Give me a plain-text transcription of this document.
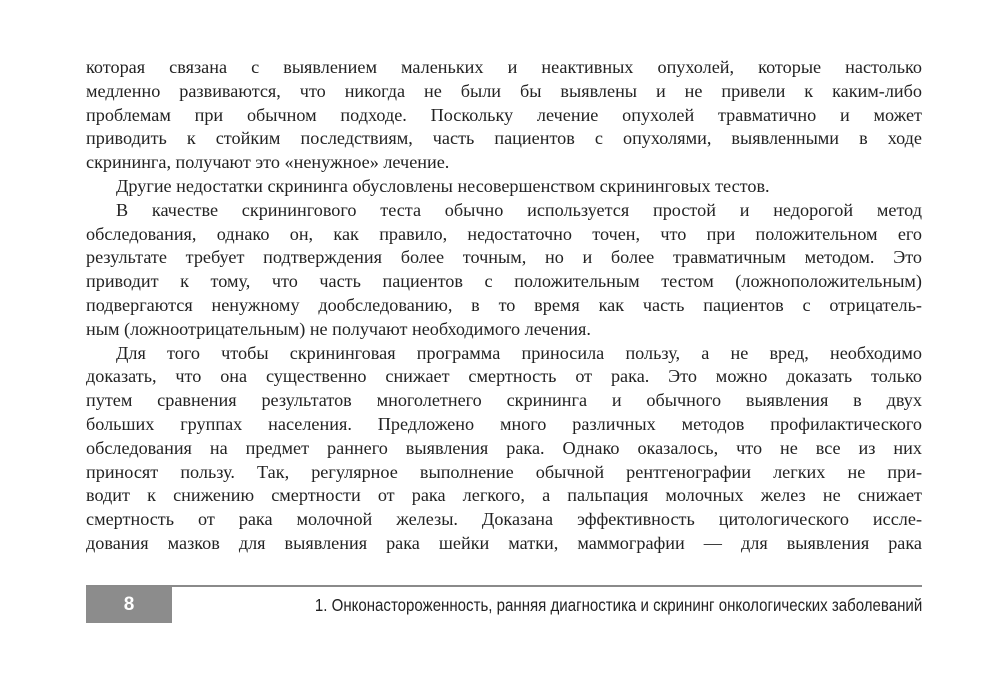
которая связана с выявлением маленьких и неактивных опухолей, которые настолько
медленно развиваются, что никогда не были бы выявлены и не привели к каким-либо
проблемам при обычном подходе. Поскольку лечение опухолей травматично и может
приводить к стойким последствиям, часть пациентов с опухолями, выявленными в ходе
скрининга, получают это «ненужное» лечение.
Другие недостатки скрининга обусловлены несовершенством скрининговых тестов.
В качестве скринингового теста обычно используется простой и недорогой метод
обследования, однако он, как правило, недостаточно точен, что при положительном его
результате требует подтверждения более точным, но и более травматичным методом. Это
приводит к тому, что часть пациентов с положительным тестом (ложноположительным)
подвергаются ненужному дообследованию, в то время как часть пациентов с отрицатель-
ным (ложноотрицательным) не получают необходимого лечения.
Для того чтобы скрининговая программа приносила пользу, а не вред, необходимо
доказать, что она существенно снижает смертность от рака. Это можно доказать только
путем сравнения результатов многолетнего скрининга и обычного выявления в двух
больших группах населения. Предложено много различных методов профилактического
обследования на предмет раннего выявления рака. Однако оказалось, что не все из них
приносят пользу. Так, регулярное выполнение обычной рентгенографии легких не при-
водит к снижению смертности от рака легкого, а пальпация молочных желез не снижает
смертность от рака молочной железы. Доказана эффективность цитологического иссле-
дования мазков для выявления рака шейки матки, маммографии — для выявления рака
8	1. Онконастороженность, ранняя диагностика и скрининг онкологических заболеваний
